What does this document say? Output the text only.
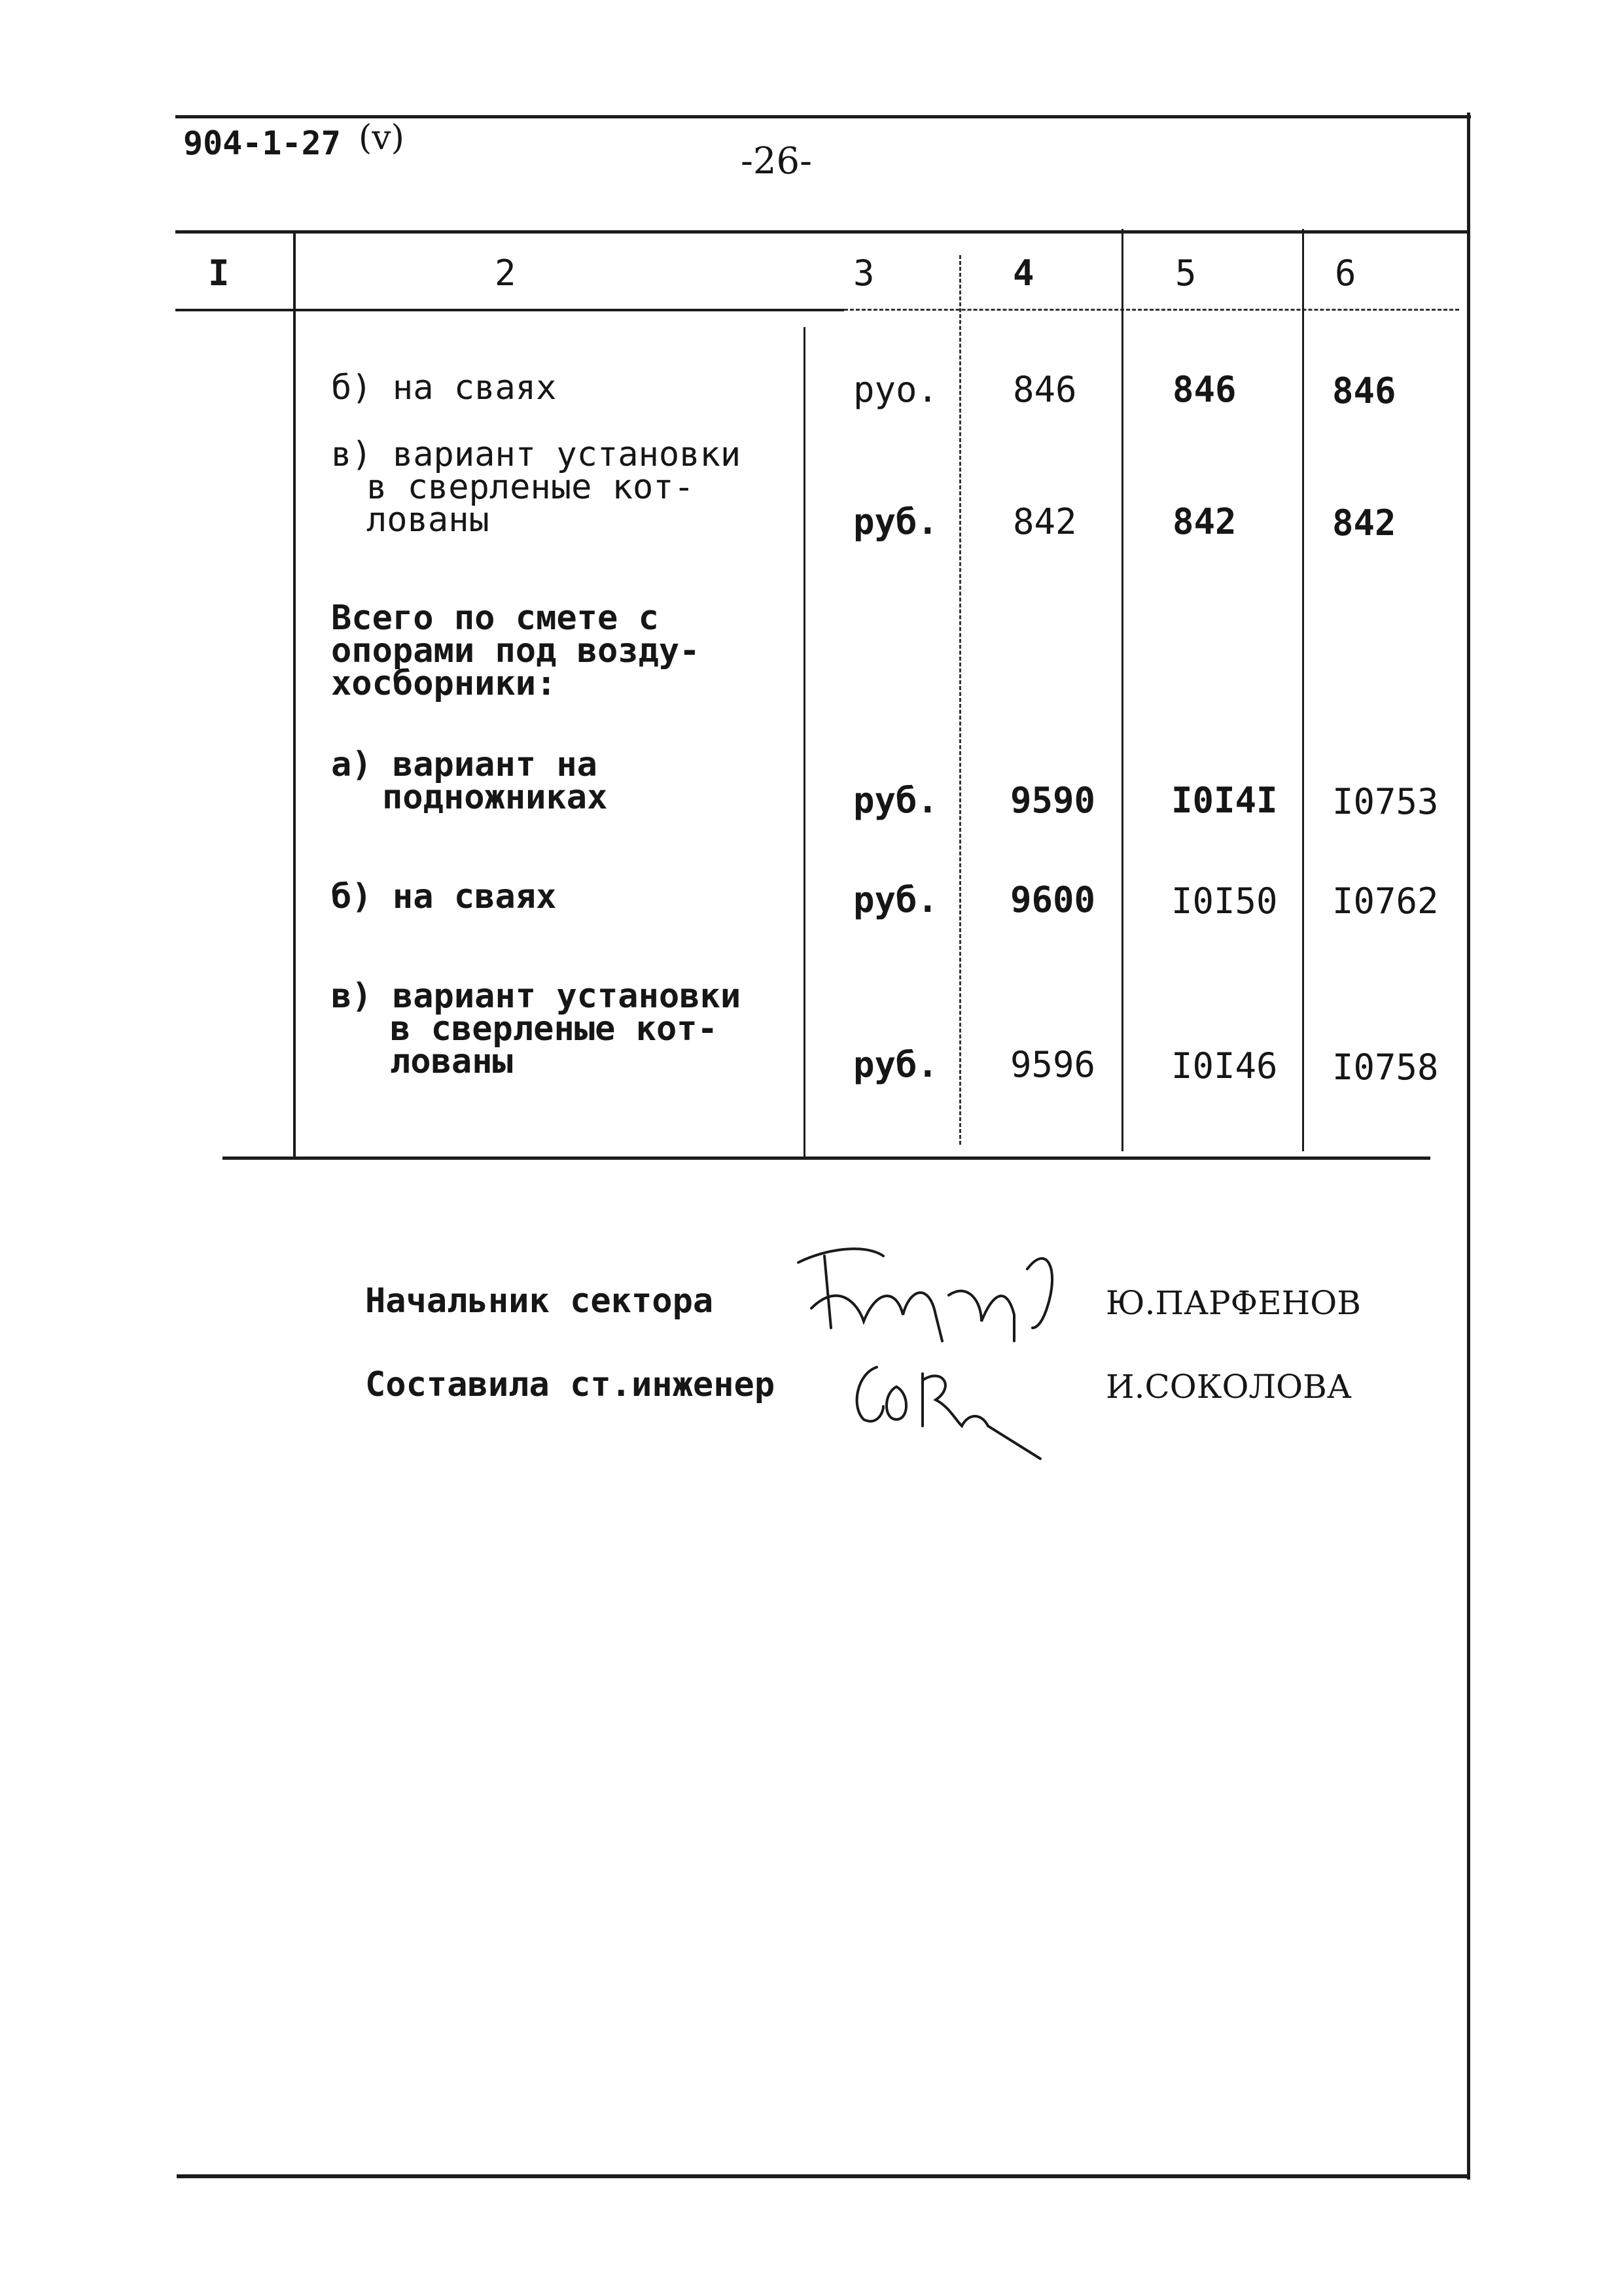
904-1-27 (v)
-26-
I	2	3	4	5	6
б) на сваях	руо. 846	846	846
в) вариант установки
в сверленые кот-
лованы	руб. 842	842	842
Всего по смете с
опорами под возду-
хосборники:
а) вариант на
подножниках	руб. 9590 I0I4I I0753
б) на сваях	руб. 9600 I0I50 I0762
в) вариант установки
в сверленые кот-
лованы	руб. 9596 I0I46 I0758
Начальник сектора	Ю.ПАРФЕНОВ
Составила ст.инженер	И.СОКОЛОВА
